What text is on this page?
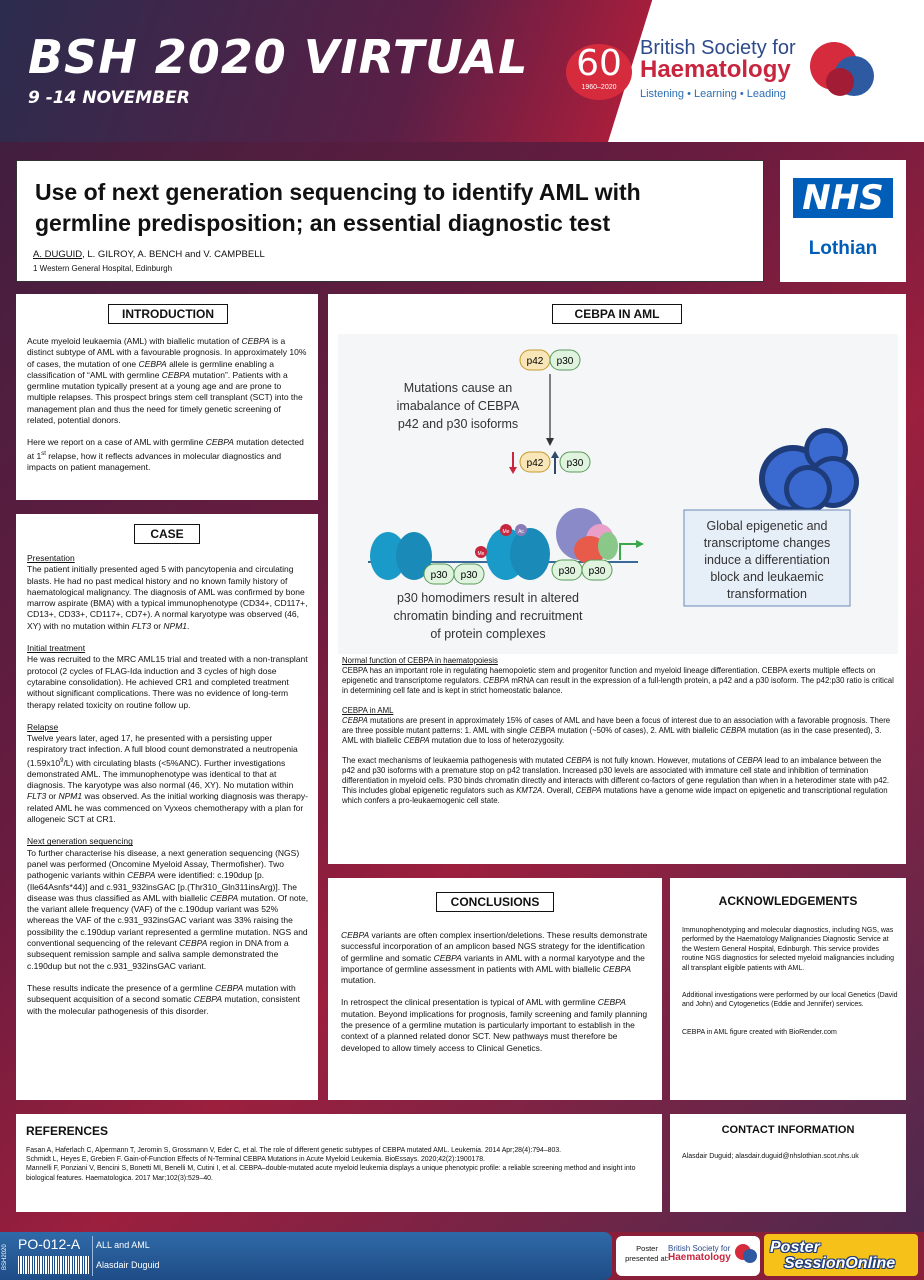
BSH 2020 VIRTUAL
9 -14 NOVEMBER
60
1960–2020
British Society for
Haematology
Listening • Learning • Leading
Use of next generation sequencing to identify AML with germline predisposition; an essential diagnostic test
A. DUGUID, L. GILROY, A. BENCH and V. CAMPBELL
1 Western General Hospital, Edinburgh
NHS
Lothian
INTRODUCTION

Acute myeloid leukaemia (AML) with biallelic mutation of CEBPA is a distinct subtype of AML with a favourable prognosis. In approximately 10% of cases, the mutation of one CEBPA allele is germline enabling a classification of “AML with germline CEBPA mutation”. Patients with a germline mutation typically present at a young age and are prone to multiple relapses. This prospect brings stem cell transplant (SCT) into the management plan and thus the need for timely genetic screening of related, potential donors.

Here we report on a case of AML with germline CEBPA mutation detected at 1st relapse, how it reflects advances in molecular diagnostics and impacts on patient management.

CASE

Presentation
The patient initially presented aged 5 with pancytopenia and circulating blasts. He had no past medical history and no known family history of haematological malignancy. The diagnosis of AML was confirmed by bone marrow aspirate (BMA) with a typical immunophenotype (CD34+, CD117+, CD13+, CD33+, CD117+, CD7+). A normal karyotype was observed (46, XY) with no mutation within FLT3 or NPM1.

Initial treatment
He was recruited to the MRC AML15 trial and treated with a non-transplant protocol (2 cycles of FLAG-Ida induction and 3 cycles of high dose cytarabine consolidation). He achieved CR1 and completed treatment without significant complications. There was no evidence of long-term therapy related toxicity on routine follow up.

Relapse
Twelve years later, aged 17, he presented with a persisting upper respiratory tract infection. A full blood count demonstrated a neutropenia $(1.59x10^9/L)$ with circulating blasts (<5%ANC). Further investigations demonstrated AML. The immunophenotype was identical to that at diagnosis. The karyotype was also normal (46, XY). No mutation within FLT3 or NPM1 was observed. As the initial working diagnosis was therapy-related AML he was commenced on Vyxeos chemotherapy with a plan for allogeneic SCT at CR1.

Next generation sequencing
To further characterise his disease, a next generation sequencing (NGS) panel was performed (Oncomine Myeloid Assay, Thermofisher). Two pathogenic variants within CEBPA were identified: c.190dup [p.(Ile64Asnfs*44)] and c.931_932insGAC [p.(Thr310_Gln311insArg)]. The disease was thus classified as AML with biallelic CEBPA mutation. Of note, the variant allele frequency (VAF) of the c.190dup variant was 52% whereas the VAF of the c.931_932insGAC variant was 33% raising the possibility the c.190dup variant represented a germline mutation. NGS and conventional sequencing of the relevant CEBPA region in DNA from a subsequent remission sample and saliva sample demonstrated the c.190dup but not the c.931_932insGAC variant.

These results indicate the presence of a germline CEBPA mutation with subsequent acquisition of a second somatic CEBPA mutation, consistent with the molecular pathogenesis of this disorder.

CEBPA IN AML
p42 p30
Mutations cause an
imabalance of CEBPA
p42 and p30 isoforms
p42 p30
p30 p30
Me Ac
Me
p30 p30
p30 homodimers result in altered
chromatin binding and recruitment
of protein complexes
Global epigenetic and
transcriptome changes
induce a differentiation
block and leukaemic
transformation

Normal function of CEBPA in haematopoiesis
CEBPA has an important role in regulating haemopoietic stem and progenitor function and myeloid lineage differentiation. CEBPA exerts multiple effects on epigenetic and transcriptome regulators. CEBPA mRNA can result in the expression of a full-length protein, a p42 and a p30 isoform. The p42:p30 ratio is critical in determining cell fate and is kept in strict homeostatic balance.

CEBPA in AML
CEBPA mutations are present in approximately 15% of cases of AML and have been a focus of interest due to an association with a favorable prognosis. There are three possible mutant patterns: 1. AML with single CEBPA mutation (~50% of cases), 2. AML with biallelic CEBPA mutation (as in the case presented), 3. AML with biallelic CEBPA mutation due to loss of heterozygosity.

The exact mechanisms of leukaemia pathogenesis with mutated CEBPA is not fully known. However, mutations of CEBPA lead to an imbalance between the p42 and p30 isoforms with a premature stop on p42 translation. Increased p30 levels are associated with immature cell state and inhibition of termination differentiation in myeloid cells. P30 binds chromatin directly and interacts with different co-factors of gene regulation than when in a heterodimer state with p42. This includes global epigenetic regulators such as KMT2A. Overall, CEBPA mutations have a genome wide impact on epigenetic and transcriptional regulation which confers a pro-leukaemogenic cell state.

CONCLUSIONS

CEBPA variants are often complex insertion/deletions. These results demonstrate successful incorporation of an amplicon based NGS strategy for the identification of germline and somatic CEBPA variants in AML with a normal karyotype and the importance of germline assessment in patients with AML with biallelic CEBPA mutation.

In retrospect the clinical presentation is typical of AML with germline CEBPA mutation. Beyond implications for prognosis, family screening and family planning the presence of a germline mutation is particularly important to establish in the context of a planned related donor SCT. New pathways must therefore be developed to allow timely access to Clinical Genetics.

ACKNOWLEDGEMENTS

Immunophenotyping and molecular diagnostics, including NGS, was performed by the Haematology Malignancies Diagnostic Service at the Western General Hospital, Edinburgh. This service provides routine NGS diagnostics for selected myeloid malignancies including all transplant eligible patients with AML.

Additional investigations were performed by our local Genetics (David and John) and Cytogenetics (Eddie and Jennifer) services.

CEBPA in AML figure created with BioRender.com

REFERENCES
Fasan A, Haferlach C, Alpermann T, Jeromin S, Grossmann V, Eder C, et al. The role of different genetic subtypes of CEBPA mutated AML. Leukemia. 2014 Apr;28(4):794–803.
Schmidt L, Heyes E, Grebien F. Gain-of-Function Effects of N-Terminal CEBPA Mutations in Acute Myeloid Leukemia. BioEssays. 2020;42(2):1900178.
Mannelli F, Ponziani V, Bencini S, Bonetti MI, Benelli M, Cutini I, et al. CEBPA–double-mutated acute myeloid leukemia displays a unique phenotypic profile: a reliable screening method and insight into biological features. Haematologica. 2017 Mar;102(3):529–40.
CONTACT INFORMATION
Alasdair Duguid; alasdair.duguid@nhslothian.scot.nhs.uk
BSH2020
PO-012-A ALL and AML
Alasdair Duguid
Poster
presented at:
British Society for
Haematology
Poster
SessionOnline
